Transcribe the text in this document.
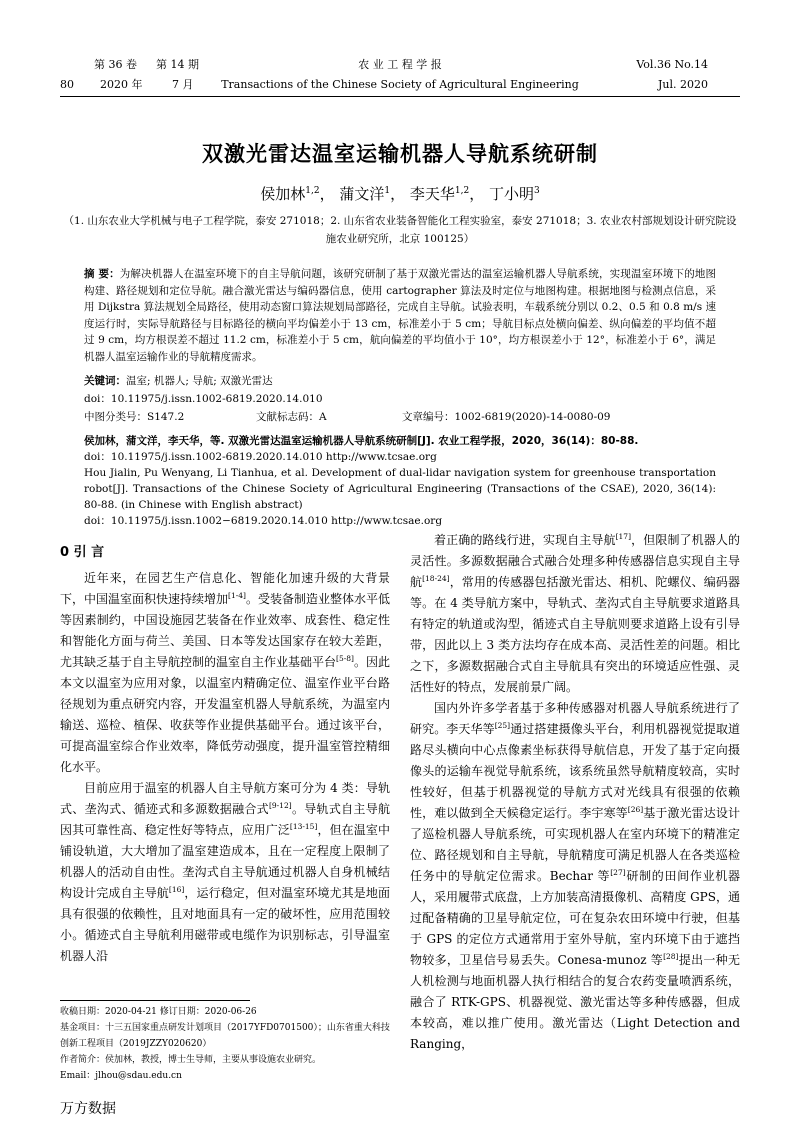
第 36 卷 第 14 期	农 业 工 程 学 报	Vol.36 No.14
80 2020 年	7 月	Transactions of the Chinese Society of Agricultural Engineering	Jul. 2020
双激光雷达温室运输机器人导航系统研制
侯加林$^{1,2}$， 蒲文洋$^1$， 李天华$^{1,2}$， 丁小明$^3$
（1. 山东农业大学机械与电子工程学院，泰安 271018；2. 山东省农业装备智能化工程实验室，泰安 271018；3. 农业农村部规划设计研究院设施农业研究所，北京 100125）
摘 要：为解决机器人在温室环境下的自主导航问题，该研究研制了基于双激光雷达的温室运输机器人导航系统，实现温室环境下的地图构建、路径规划和定位导航。融合激光雷达与编码器信息，使用 cartographer 算法及时定位与地图构建。根据地图与检测点信息，采用 Dijkstra 算法规划全局路径，使用动态窗口算法规划局部路径，完成自主导航。试验表明，车载系统分别以 0.2、0.5 和 0.8 m/s 速度运行时，实际导航路径与目标路径的横向平均偏差小于 13 cm，标准差小于 5 cm；导航目标点处横向偏差、纵向偏差的平均值不超过 9 cm，均方根误差不超过 11.2 cm，标准差小于 5 cm，航向偏差的平均值小于 10°，均方根误差小于 12°，标准差小于 6°，满足机器人温室运输作业的导航精度需求。
关键词：温室; 机器人; 导航; 双激光雷达
doi：10.11975/j.issn.1002-6819.2020.14.010
中图分类号：S147.2	文献标志码：A	文章编号：1002-6819(2020)-14-0080-09
侯加林，蒲文洋，李天华，等. 双激光雷达温室运输机器人导航系统研制[J]. 农业工程学报，2020，36(14)：80-88.
doi：10.11975/j.issn.1002-6819.2020.14.010 http://www.tcsae.org
Hou Jialin, Pu Wenyang, Li Tianhua, et al. Development of dual-lidar navigation system for greenhouse transportation robot[J]. Transactions of the Chinese Society of Agricultural Engineering (Transactions of the CSAE), 2020, 36(14): 80-88. (in Chinese with English abstract)
doi：10.11975/j.issn.1002−6819.2020.14.010 http://www.tcsae.org
0 引 言

近年来，在园艺生产信息化、智能化加速升级的大背景下，中国温室面积快速持续增加[1-4]。受装备制造业整体水平低等因素制约，中国设施园艺装备在作业效率、成套性、稳定性和智能化方面与荷兰、美国、日本等发达国家存在较大差距，尤其缺乏基于自主导航控制的温室自主作业基础平台[5-8]。因此本文以温室为应用对象，以温室内精确定位、温室作业平台路径规划为重点研究内容，开发温室机器人导航系统，为温室内输送、巡检、植保、收获等作业提供基础平台。通过该平台，可提高温室综合作业效率，降低劳动强度，提升温室管控精细化水平。

目前应用于温室的机器人自主导航方案可分为 4 类：导轨式、垄沟式、循迹式和多源数据融合式[9-12]。导轨式自主导航因其可靠性高、稳定性好等特点，应用广泛[13-15]，但在温室中铺设轨道，大大增加了温室建造成本，且在一定程度上限制了机器人的活动自由性。垄沟式自主导航通过机器人自身机械结构设计完成自主导航[16]，运行稳定，但对温室环境尤其是地面具有很强的依赖性，且对地面具有一定的破坏性，应用范围较小。循迹式自主导航利用磁带或电缆作为识别标志，引导温室机器人沿

着正确的路线行进，实现自主导航[17]，但限制了机器人的灵活性。多源数据融合式融合处理多种传感器信息实现自主导航[18-24]，常用的传感器包括激光雷达、相机、陀螺仪、编码器等。在 4 类导航方案中，导轨式、垄沟式自主导航要求道路具有特定的轨道或沟型，循迹式自主导航则要求道路上设有引导带，因此以上 3 类方法均存在成本高、灵活性差的问题。相比之下，多源数据融合式自主导航具有突出的环境适应性强、灵活性好的特点，发展前景广阔。

国内外许多学者基于多种传感器对机器人导航系统进行了研究。李天华等[25]通过搭建摄像头平台，利用机器视觉提取道路尽头横向中心点像素坐标获得导航信息，开发了基于定向摄像头的运输车视觉导航系统，该系统虽然导航精度较高，实时性较好，但基于机器视觉的导航方式对光线具有很强的依赖性，难以做到全天候稳定运行。李宇寒等[26]基于激光雷达设计了巡检机器人导航系统，可实现机器人在室内环境下的精准定位、路径规划和自主导航，导航精度可满足机器人在各类巡检任务中的导航定位需求。Bechar 等[27]研制的田间作业机器人，采用履带式底盘，上方加装高清摄像机、高精度 GPS，通过配备精确的卫星导航定位，可在复杂农田环境中行驶，但基于 GPS 的定位方式通常用于室外导航，室内环境下由于遮挡物较多，卫星信号易丢失。Conesa-munoz 等[28]提出一种无人机检测与地面机器人执行相结合的复合农药变量喷洒系统，融合了 RTK-GPS、机器视觉、激光雷达等多种传感器，但成本较高，难以推广使用。激光雷达（Light Detection and Ranging，

收稿日期：2020-04-21 修订日期：2020-06-26
基金项目：十三五国家重点研发计划项目（2017YFD0701500）；山东省重大科技创新工程项目（2019JZZY020620）
作者简介：侯加林，教授，博士生导师，主要从事设施农业研究。
Email：jlhou@sdau.edu.cn
万方数据
